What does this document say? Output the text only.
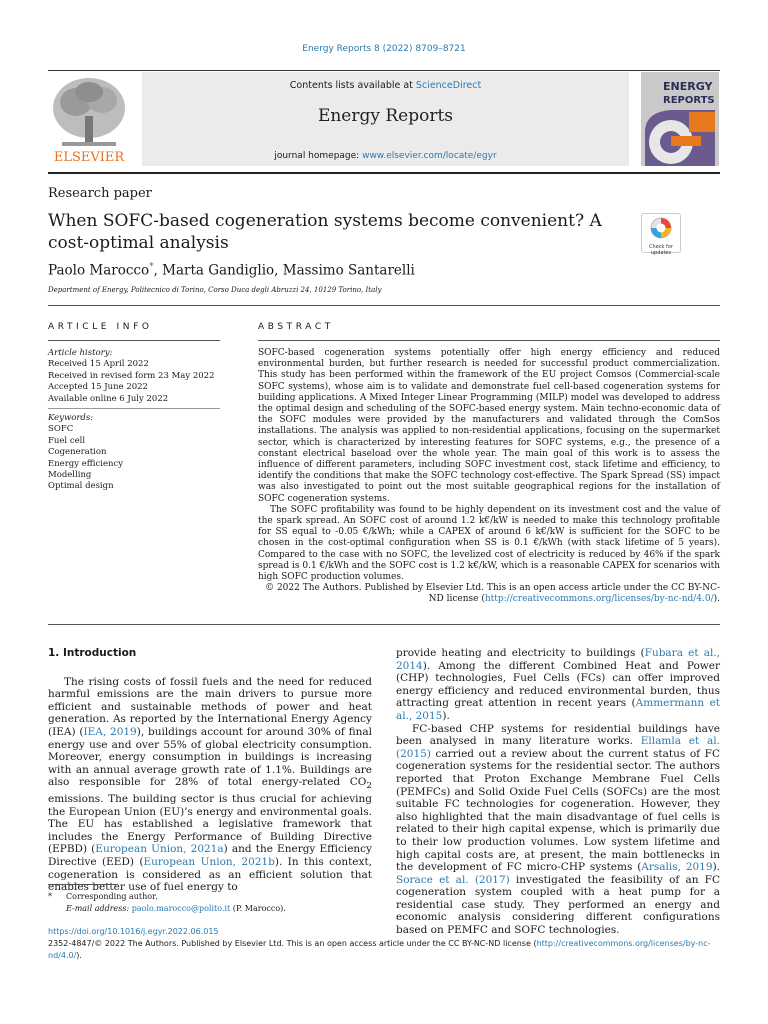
Energy Reports 8 (2022) 8709–8721
ELSEVIER
Contents lists available at ScienceDirect
Energy Reports
journal homepage: www.elsevier.com/locate/egyr
ENERGY
REPORTS
Research paper
When SOFC-based cogeneration systems become convenient? A cost-optimal analysis	Check for updates
Paolo Marocco*, Marta Gandiglio, Massimo Santarelli
Department of Energy, Politecnico di Torino, Corso Duca degli Abruzzi 24, 10129 Torino, Italy
ARTICLE INFO	ABSTRACT
Article history:
Received 15 April 2022
Received in revised form 23 May 2022
Accepted 15 June 2022
Available online 6 July 2022
Keywords:
SOFC
Fuel cell
Cogeneration
Energy efficiency
Modelling
Optimal design

SOFC-based cogeneration systems potentially offer high energy efficiency and reduced environmental burden, but further research is needed for successful product commercialization. This study has been performed within the framework of the EU project Comsos (Commercial-scale SOFC systems), whose aim is to validate and demonstrate fuel cell-based cogeneration systems for building applications. A Mixed Integer Linear Programming (MILP) model was developed to address the optimal design and scheduling of the SOFC-based energy system. Main techno-economic data of the SOFC modules were provided by the manufacturers and validated through the ComSos installations. The analysis was applied to non-residential applications, focusing on the supermarket sector, which is characterized by interesting features for SOFC systems, e.g., the presence of a constant electrical baseload over the whole year. The main goal of this work is to assess the influence of different parameters, including SOFC investment cost, stack lifetime and efficiency, to identify the conditions that make the SOFC technology cost-effective. The Spark Spread (SS) impact was also investigated to point out the most suitable geographical regions for the installation of SOFC cogeneration systems.

The SOFC profitability was found to be highly dependent on its investment cost and the value of the spark spread. An SOFC cost of around 1.2 k€/kW is needed to make this technology profitable for SS equal to -0.05 €/kWh; while a CAPEX of around 6 k€/kW is sufficient for the SOFC to be chosen in the cost-optimal configuration when SS is 0.1 €/kWh (with stack lifetime of 5 years). Compared to the case with no SOFC, the levelized cost of electricity is reduced by 46% if the spark spread is 0.1 €/kWh and the SOFC cost is 1.2 k€/kW, which is a reasonable CAPEX for scenarios with high SOFC production volumes.

© 2022 The Authors. Published by Elsevier Ltd. This is an open access article under the CC BY-NC-ND license (http://creativecommons.org/licenses/by-nc-nd/4.0/).
1. Introduction

The rising costs of fossil fuels and the need for reduced harmful emissions are the main drivers to pursue more efficient and sustainable methods of power and heat generation. As reported by the International Energy Agency (IEA) (IEA, 2019), buildings account for around 30% of final energy use and over 55% of global electricity consumption. Moreover, energy consumption in buildings is increasing with an annual average growth rate of 1.1%. Buildings are also responsible for 28% of total energy-related $CO_2$ emissions. The building sector is thus crucial for achieving the European Union (EU)’s energy and environmental goals. The EU has established a legislative framework that includes the Energy Performance of Building Directive (EPBD) (European Union, 2021a) and the Energy Efficiency Directive (EED) (European Union, 2021b). In this context, cogeneration is considered as an efficient solution that enables better use of fuel energy to

provide heating and electricity to buildings (Fubara et al., 2014). Among the different Combined Heat and Power (CHP) technologies, Fuel Cells (FCs) can offer improved energy efficiency and reduced environmental burden, thus attracting great attention in recent years (Ammermann et al., 2015).

FC-based CHP systems for residential buildings have been analysed in many literature works. Ellamla et al. (2015) carried out a review about the current status of FC cogeneration systems for the residential sector. The authors reported that Proton Exchange Membrane Fuel Cells (PEMFCs) and Solid Oxide Fuel Cells (SOFCs) are the most suitable FC technologies for cogeneration. However, they also highlighted that the main disadvantage of fuel cells is related to their high capital expense, which is primarily due to their low production volumes. Low system lifetime and high capital costs are, at present, the main bottlenecks in the development of FC micro-CHP systems (Arsalis, 2019). Sorace et al. (2017) investigated the feasibility of an FC cogeneration system coupled with a heat pump for a residential case study. They performed an energy and economic analysis considering different configurations based on PEMFC and SOFC technologies.

* Corresponding author.
E-mail address: paolo.marocco@polito.it (P. Marocco).
https://doi.org/10.1016/j.egyr.2022.06.015
2352-4847/© 2022 The Authors. Published by Elsevier Ltd. This is an open access article under the CC BY-NC-ND license (http://creativecommons.org/licenses/by-nc-nd/4.0/).
